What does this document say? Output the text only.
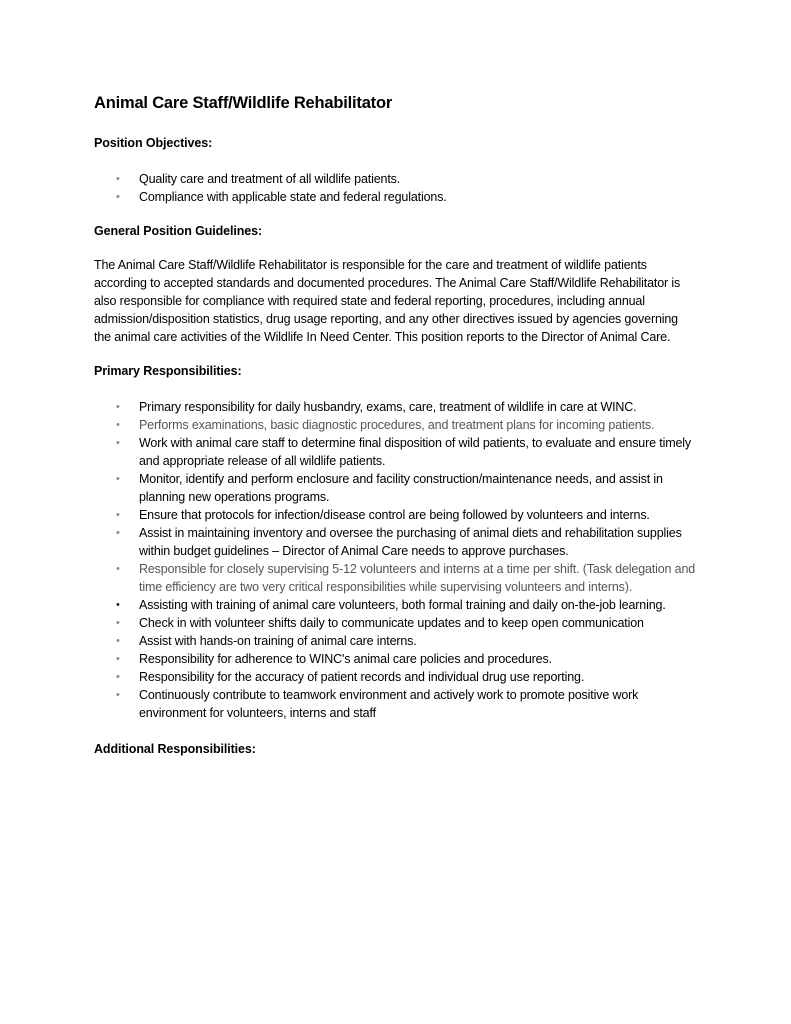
Animal Care Staff/Wildlife Rehabilitator
Position Objectives:
•	Quality care and treatment of all wildlife patients.
•	Compliance with applicable state and federal regulations.
General Position Guidelines:

The Animal Care Staff/Wildlife Rehabilitator is responsible for the care and treatment of wildlife patients according to accepted standards and documented procedures. The Animal Care Staff/Wildlife Rehabilitator is also responsible for compliance with required state and federal reporting, procedures, including annual admission/disposition statistics, drug usage reporting, and any other directives issued by agencies governing the animal care activities of the Wildlife In Need Center. This position reports to the Director of Animal Care.

Primary Responsibilities:
•	Primary responsibility for daily husbandry, exams, care, treatment of wildlife in care at WINC.
•	Performs examinations, basic diagnostic procedures, and treatment plans for incoming patients.
•	Work with animal care staff to determine final disposition of wild patients, to evaluate and ensure timely and appropriate release of all wildlife patients.
•	Monitor, identify and perform enclosure and facility construction/maintenance needs, and assist in planning new operations programs.
•	Ensure that protocols for infection/disease control are being followed by volunteers and interns.
•	Assist in maintaining inventory and oversee the purchasing of animal diets and rehabilitation supplies within budget guidelines – Director of Animal Care needs to approve purchases.
•	Responsible for closely supervising 5-12 volunteers and interns at a time per shift. (Task delegation and time efficiency are two very critical responsibilities while supervising volunteers and interns).
•	Assisting with training of animal care volunteers, both formal training and daily on-the-job learning.
•	Check in with volunteer shifts daily to communicate updates and to keep open communication
•	Assist with hands-on training of animal care interns.
•	Responsibility for adherence to WINC's animal care policies and procedures.
•	Responsibility for the accuracy of patient records and individual drug use reporting.
•	Continuously contribute to teamwork environment and actively work to promote positive work environment for volunteers, interns and staff
Additional Responsibilities:
